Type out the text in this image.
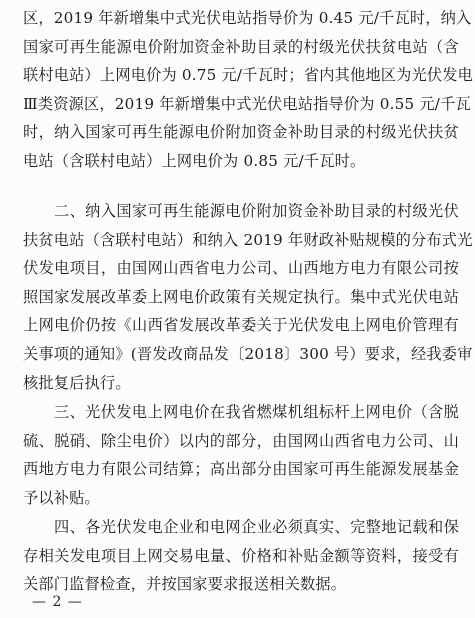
区，2019 年新增集中式光伏电站指导价为 0.45 元/千瓦时，纳入
国家可再生能源电价附加资金补助目录的村级光伏扶贫电站（含
联村电站）上网电价为 0.75 元/千瓦时；省内其他地区为光伏发电
Ⅲ类资源区，2019 年新增集中式光伏电站指导价为 0.55 元/千瓦
时，纳入国家可再生能源电价附加资金补助目录的村级光伏扶贫
电站（含联村电站）上网电价为 0.85 元/千瓦时。
二、纳入国家可再生能源电价附加资金补助目录的村级光伏
扶贫电站（含联村电站）和纳入 2019 年财政补贴规模的分布式光
伏发电项目，由国网山西省电力公司、山西地方电力有限公司按
照国家发展改革委上网电价政策有关规定执行。集中式光伏电站
上网电价仍按《山西省发展改革委关于光伏发电上网电价管理有
关事项的通知》(晋发改商品发〔2018〕300 号）要求，经我委审
核批复后执行。
三、光伏发电上网电价在我省燃煤机组标杆上网电价（含脱
硫、脱硝、除尘电价）以内的部分，由国网山西省电力公司、山
西地方电力有限公司结算；高出部分由国家可再生能源发展基金
予以补贴。
四、各光伏发电企业和电网企业必须真实、完整地记载和保
存相关发电项目上网交易电量、价格和补贴金额等资料，接受有
关部门监督检查，并按国家要求报送相关数据。
— 2 —
